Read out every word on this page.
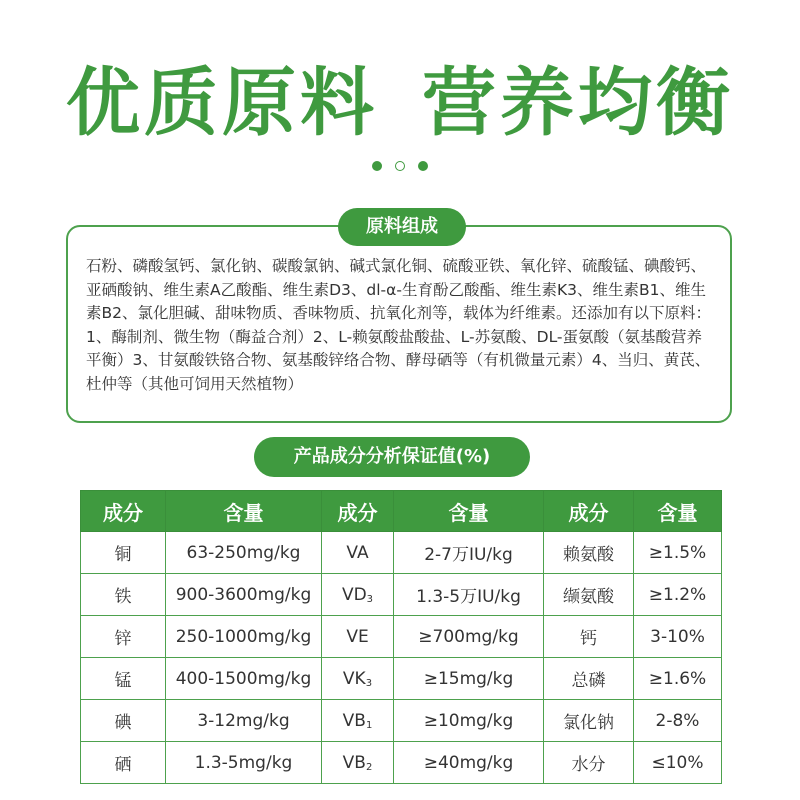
优质原料 营养均衡
原料组成

石粉、磷酸氢钙、氯化钠、碳酸氯钠、碱式氯化铜、硫酸亚铁、氧化锌、硫酸锰、碘酸钙、亚硒酸钠、维生素A乙酸酯、维生素D3、dl-α-生育酚乙酸酯、维生素K3、维生素B1、维生素B2、氯化胆碱、甜味物质、香味物质、抗氧化剂等，载体为纤维素。还添加有以下原料：1、酶制剂、微生物（酶益合剂）2、L-赖氨酸盐酸盐、L-苏氨酸、DL-蛋氨酸（氨基酸营养平衡）3、甘氨酸铁铬合物、氨基酸锌络合物、酵母硒等（有机微量元素）4、当归、黄芪、杜仲等（其他可饲用天然植物）

产品成分分析保证值(%)
成分	含量	成分	含量	成分	含量
铜	63-250mg/kg	VA	2-7万IU/kg	赖氨酸	≥1.5%
铁	900-3600mg/kg	$VD_3$	1.3-5万IU/kg	缬氨酸	≥1.2%
锌	250-1000mg/kg	VE	≥700mg/kg	钙	3-10%
锰	400-1500mg/kg	$VK_3$	≥15mg/kg	总磷	≥1.6%
碘	3-12mg/kg	$VB_1$	≥10mg/kg	氯化钠	2-8%
硒	1.3-5mg/kg	$VB_2$	≥40mg/kg	水分	≤10%
